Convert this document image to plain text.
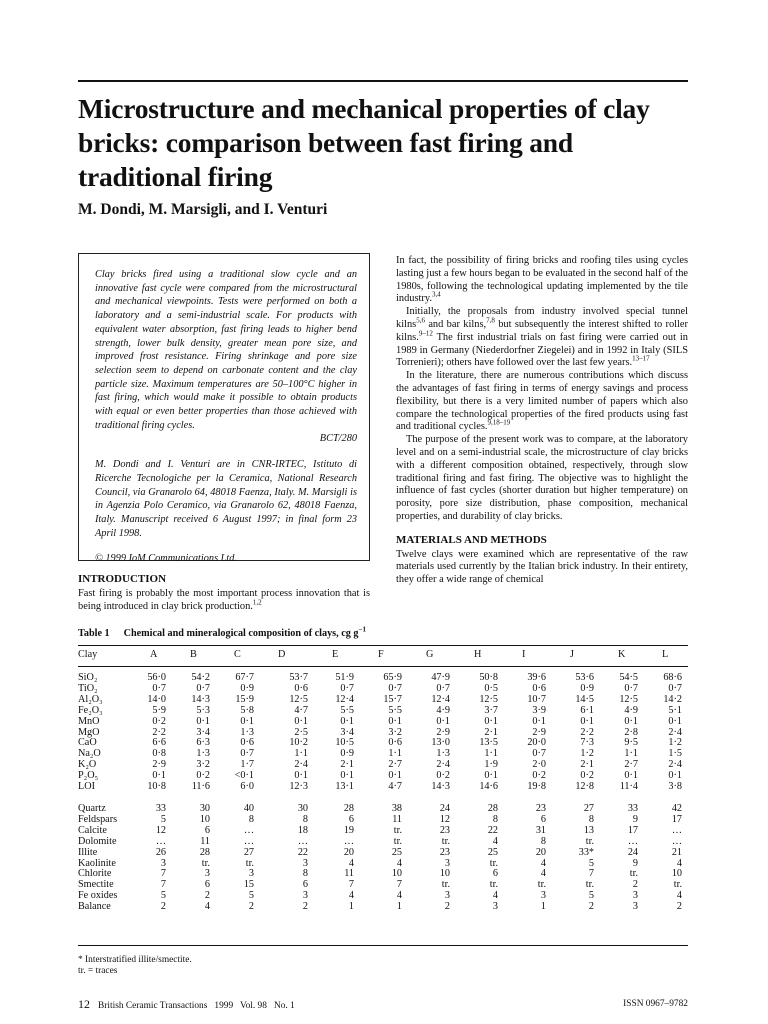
Microstructure and mechanical properties of clay bricks: comparison between fast firing and traditional firing

M. Dondi, M. Marsigli, and I. Venturi

Clay bricks fired using a traditional slow cycle and an innovative fast cycle were compared from the microstructural and mechanical viewpoints. Tests were performed on both a laboratory and a semi-industrial scale. For products with equivalent water absorption, fast firing leads to higher bend strength, lower bulk density, greater mean pore size, and improved frost resistance. Firing shrinkage and pore size selection seem to depend on carbonate content and the clay particle size. Maximum temperatures are 50–100°C higher in fast firing, which would make it possible to obtain products with equal or even better properties than those achieved with traditional firing cycles.

BCT/280

M. Dondi and I. Venturi are in CNR-IRTEC, Istituto di Ricerche Tecnologiche per la Ceramica, National Research Council, via Granarolo 64, 48018 Faenza, Italy. M. Marsigli is in Agenzia Polo Ceramico, via Granarolo 62, 48018 Faenza, Italy. Manuscript received 6 August 1997; in final form 23 April 1998.

© 1999 IoM Communications Ltd.

INTRODUCTION

Fast firing is probably the most important process innovation that is being introduced in clay brick production.$^{1,2}$

In fact, the possibility of firing bricks and roofing tiles using cycles lasting just a few hours began to be evaluated in the second half of the 1980s, following the technological updating implemented by the tile industry.$^{3,4}$

Initially, the proposals from industry involved special tunnel kilns$^{5,6}$ and bar kilns,$^{7,8}$ but subsequently the interest shifted to roller kilns.$^{9-12}$ The first industrial trials on fast firing were carried out in 1989 in Germany (Niederdorfner Ziegelei) and in 1992 in Italy (SILS Torrenieri); others have followed over the last few years.$^{13-17}$

In the literature, there are numerous contributions which discuss the advantages of fast firing in terms of energy savings and process flexibility, but there is a very limited number of papers which also compare the technological properties of the fired products using fast and traditional cycles.$^{9,18-19}$

The purpose of the present work was to compare, at the laboratory level and on a semi-industrial scale, the microstructure of clay bricks with a different composition obtained, respectively, through slow traditional firing and fast firing. The objective was to highlight the influence of fast cycles (shorter duration but higher temperature) on porosity, pore size distribution, phase composition, mechanical properties, and durability of clay bricks.

MATERIALS AND METHODS

Twelve clays were examined which are representative of the raw materials used currently by the Italian brick industry. In their entirety, they offer a wide range of chemical

Table 1 Chemical and mineralogical composition of clays, cg $g^{-1}$

Clay	A	B	C	D	E	F	G	H	I	J	K	L
SiO₂	56·0	54·2	67·7	53·7	51·9	65·9	47·9	50·8	39·6	53·6	54·5	68·6
TiO₂	0·7	0·7	0·9	0·6	0·7	0·7	0·7	0·5	0·6	0·9	0·7	0·7
Al₂O₃	14·0	14·3	15·9	12·5	12·4	15·7	12·4	12·5	10·7	14·5	12·5	14·2
Fe₂O₃	5·9	5·3	5·8	4·7	5·5	5·5	4·9	3·7	3·9	6·1	4·9	5·1
MnO	0·2	0·1	0·1	0·1	0·1	0·1	0·1	0·1	0·1	0·1	0·1	0·1
MgO	2·2	3·4	1·3	2·5	3·4	3·2	2·9	2·1	2·9	2·2	2·8	2·4
CaO	6·6	6·3	0·6	10·2	10·5	0·6	13·0	13·5	20·0	7·3	9·5	1·2
Na₂O	0·8	1·3	0·7	1·1	0·9	1·1	1·3	1·1	0·7	1·2	1·1	1·5
K₂O	2·9	3·2	1·7	2·4	2·1	2·7	2·4	1·9	2·0	2·1	2·7	2·4
P₂O₅	0·1	0·2	<0·1	0·1	0·1	0·1	0·2	0·1	0·2	0·2	0·1	0·1
LOI	10·8	11·6	6·0	12·3	13·1	4·7	14·3	14·6	19·8	12·8	11·4	3·8
Quartz	33	30	40	30	28	38	24	28	23	27	33	42
Feldspars	5	10	8	8	6	11	12	8	6	8	9	17
Calcite	12	6	…	18	19	tr.	23	22	31	13	17	…
Dolomite	…	11	…	…	…	tr.	tr.	4	8	tr.	…	…
Illite	26	28	27	22	20	25	23	25	20	33*	24	21
Kaolinite	3	tr.	tr.	3	4	4	3	tr.	4	5	9	4
Chlorite	7	3	3	8	11	10	10	6	4	7	tr.	10
Smectite	7	6	15	6	7	7	tr.	tr.	tr.	tr.	2	tr.
Fe oxides	5	2	5	3	4	4	3	4	3	5	3	4
Balance	2	4	2	2	1	1	2	3	1	2	3	2
* Interstratified illite/smectite.
tr. = traces
12 British Ceramic Transactions   1999   Vol. 98   No. 1	ISSN 0967–9782
